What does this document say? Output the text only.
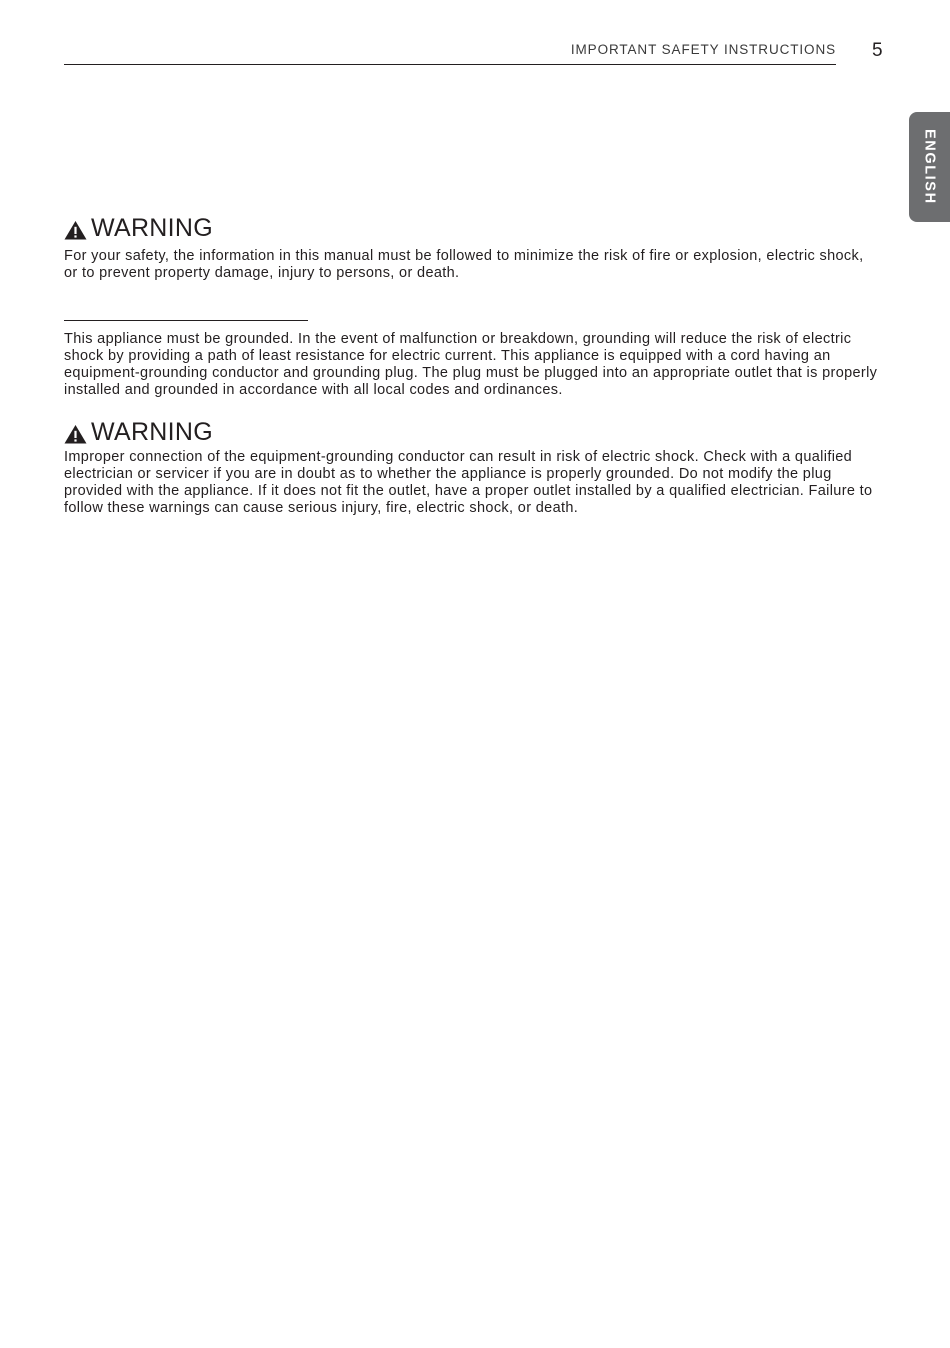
IMPORTANT SAFETY INSTRUCTIONS 5
ENGLISH
WARNING

For your safety, the information in this manual must be followed to minimize the risk of fire or explosion, electric shock, or to prevent property damage, injury to persons, or death.

This appliance must be grounded. In the event of malfunction or breakdown, grounding will reduce the risk of electric shock by providing a path of least resistance for electric current. This appliance is equipped with a cord having an equipment-grounding conductor and grounding plug. The plug must be plugged into an appropriate outlet that is properly installed and grounded in accordance with all local codes and ordinances.

WARNING

Improper connection of the equipment-grounding conductor can result in risk of electric shock. Check with a qualified electrician or servicer if you are in doubt as to whether the appliance is properly grounded. Do not modify the plug provided with the appliance. If it does not fit the outlet, have a proper outlet installed by a qualified electrician. Failure to follow these warnings can cause serious injury, fire, electric shock, or death.
